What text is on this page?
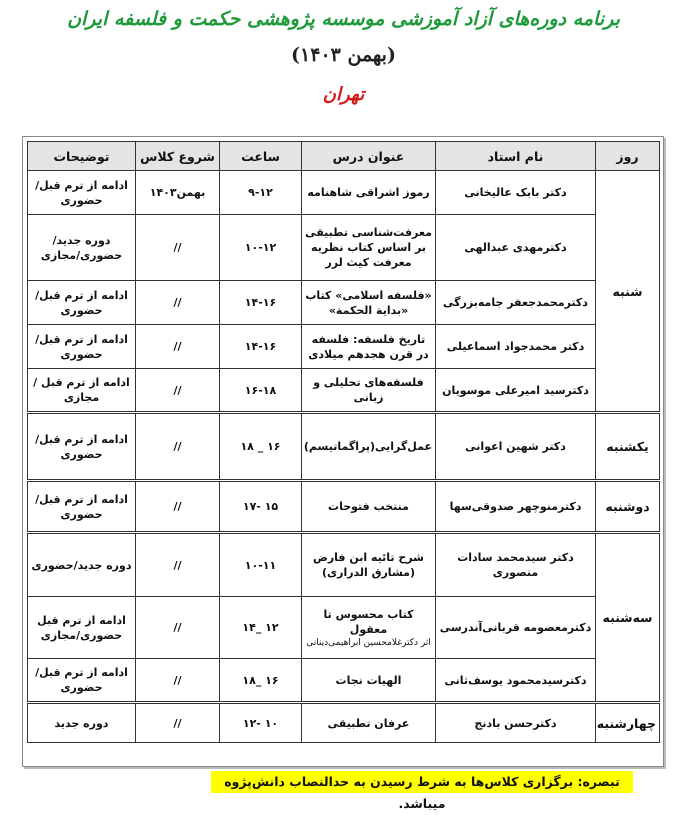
برنامه دوره‌های آزاد آموزشی موسسه پژوهشی حکمت و فلسفه ایران
(بهمن ۱۴۰۳)
تهران
روز	نام استاد	عنوان درس	ساعت	شروع کلاس	توضیحات
شنبه	دکتر بابک عالیخانی	رموز اشراقی شاهنامه	۹-۱۲	بهمن۱۴۰۳	ادامه از ترم قبل/حضوری
	دکترمهدی عبدالهی	معرفت‌شناسی تطبیقی بر اساس کتاب نظریه معرفت کیث لرر	۱۰-۱۲	//	دوره جدید/حضوری/مجازی
	دکترمحمدجعفر جامه‌بزرگی	«فلسفه اسلامی» کتاب «بدایة الحکمة»	۱۴-۱۶	//	ادامه از ترم قبل/حضوری
	دکتر محمدجواد اسماعیلی	تاریخ فلسفه: فلسفه در قرن هجدهم میلادی	۱۴-۱۶	//	ادامه از ترم قبل/حضوری
	دکترسید امیرعلی موسویان	فلسفه‌های تحلیلی و زبانی	۱۶-۱۸	//	ادامه از ترم قبل /مجازی
یکشنبه	دکتر شهین اعوانی	عمل‌گرایی(پراگماتیسم)	۱۶ _ ۱۸	//	ادامه از ترم قبل/حضوری
دوشنبه	دکترمنوچهر صدوقی‌سها	منتخب فتوحات	۱۵ -۱۷	//	ادامه از ترم قبل/حضوری
سه‌شنبه	دکتر سیدمحمد سادات منصوری	شرح تائیه ابن فارض (مشارق الدراری)	۱۰-۱۱	//	دوره جدید/حضوری
	دکترمعصومه قربانی‌آندرسی	کتاب محسوس تا معقول
اثر دکترغلامحسین ابراهیمی‌دینانی	۱۲ _۱۴	//	ادامه از ترم قبل حضوری/مجازی
	دکترسیدمحمود یوسف‌ثانی	الهیات نجات	۱۶ _۱۸	//	ادامه از ترم قبل/حضوری
چهارشنبه	دکترحسن بادنج	عرفان تطبیقی	۱۰ -۱۲	//	دوره جدید
تبصره: برگزاری کلاس‌ها به شرط رسیدن به حدالنصاب دانش‌پژوه میباشد.
